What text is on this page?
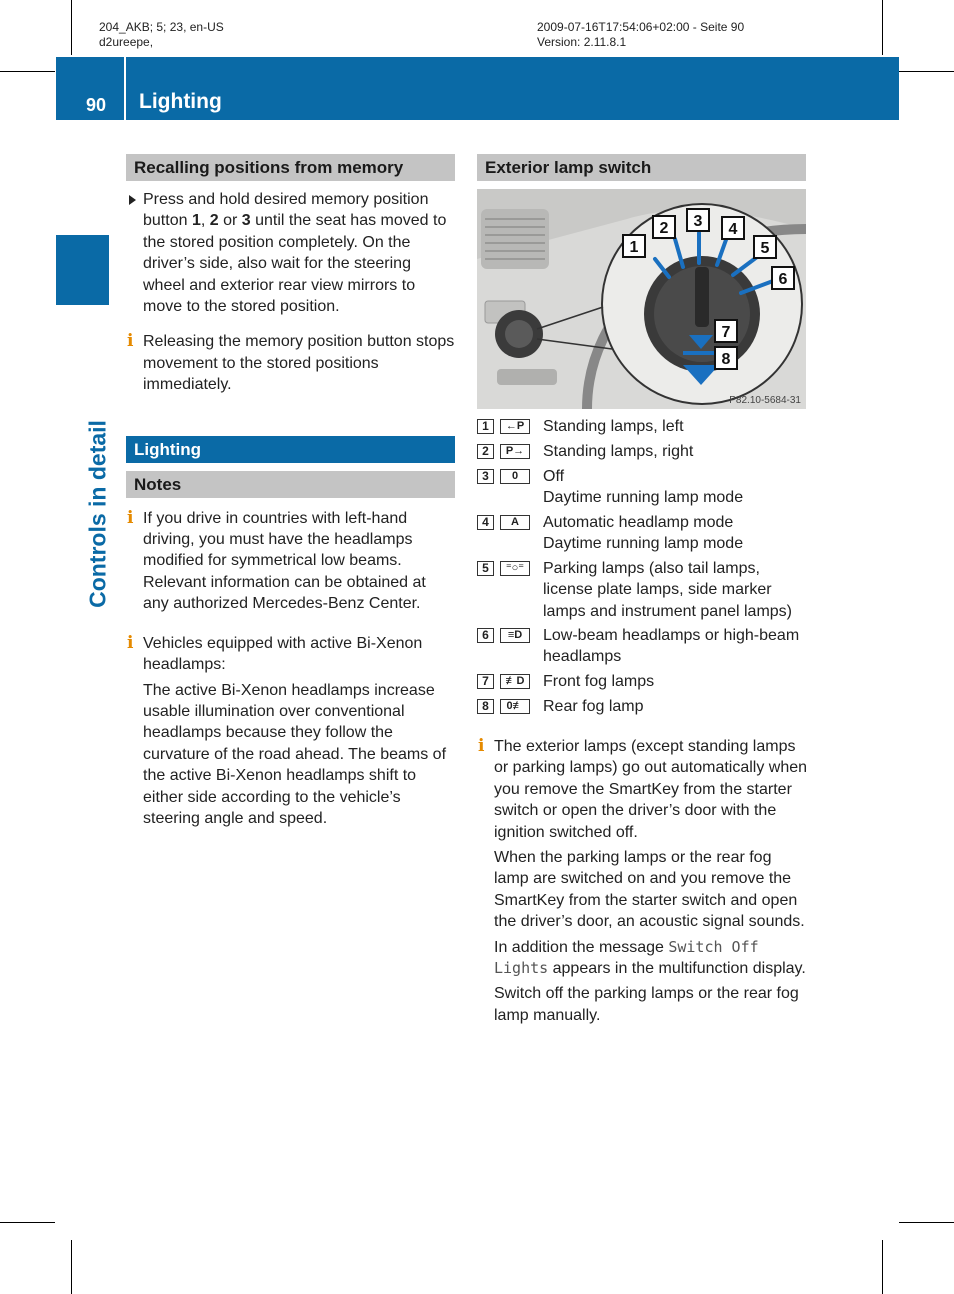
204_AKB; 5; 23, en-US
d2ureepe,
2009-07-16T17:54:06+02:00 - Seite 90
Version: 2.11.8.1
90 Lighting
Controls in detail
Recalling positions from memory
Press and hold desired memory position button 1, 2 or 3 until the seat has moved to the stored position completely. On the driver’s side, also wait for the steering wheel and exterior rear view mirrors to move to the stored position.
i Releasing the memory position button stops movement to the stored positions immediately.
Lighting
Notes
i If you drive in countries with left-hand driving, you must have the headlamps modified for symmetrical low beams. Relevant information can be obtained at any authorized Mercedes-Benz Center.
i Vehicles equipped with active Bi-Xenon headlamps:
The active Bi-Xenon headlamps increase usable illumination over conventional headlamps because they follow the curvature of the road ahead. The beams of the active Bi-Xenon headlamps shift to either side according to the vehicle’s steering angle and speed.
Exterior lamp switch
1
2 3 4
5
6
7
8
P82.10-5684-31
1	←P	Standing lamps, left
2	P→	Standing lamps, right
3	0	Off
Daytime running lamp mode
4	A	Automatic headlamp mode
Daytime running lamp mode
5	⁼○⁼	Parking lamps (also tail lamps, license plate lamps, side marker lamps and instrument panel lamps)
6	≡D	Low-beam headlamps or high-beam headlamps
7	≢D	Front fog lamps
8	0≢	Rear fog lamp
i The exterior lamps (except standing lamps or parking lamps) go out automatically when you remove the SmartKey from the starter switch or open the driver’s door with the ignition switched off.
When the parking lamps or the rear fog lamp are switched on and you remove the SmartKey from the starter switch and open the driver’s door, an acoustic signal sounds.
In addition the message Switch Off Lights appears in the multifunction display.
Switch off the parking lamps or the rear fog lamp manually.
